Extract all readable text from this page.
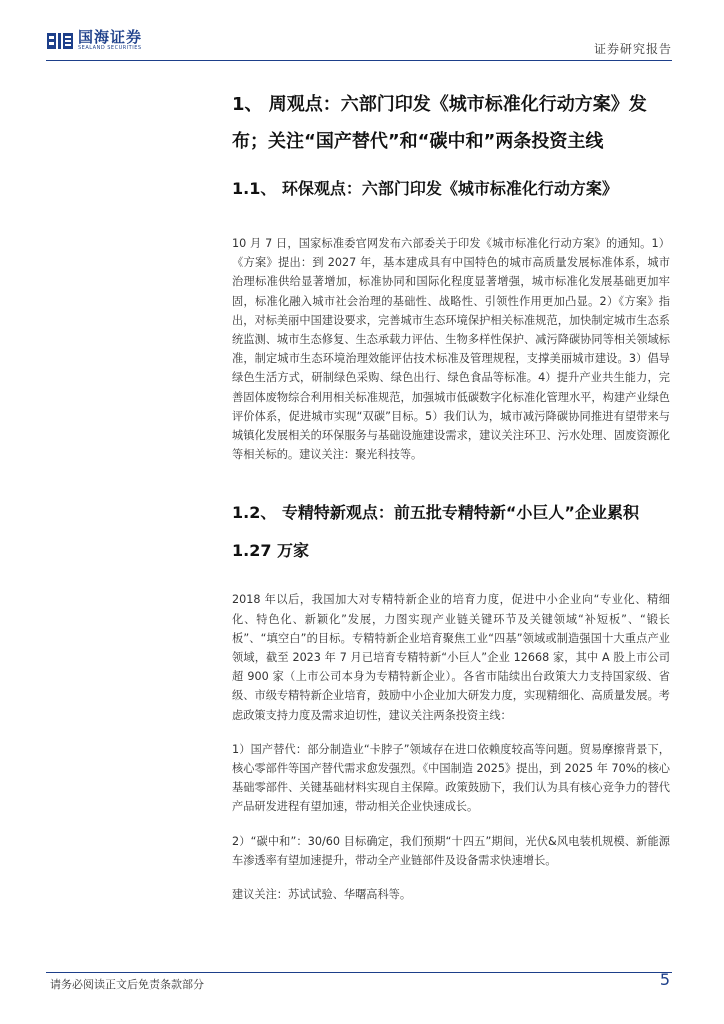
国海证券
SEALAND SECURITIES	证券研究报告
1、 周观点：六部门印发《城市标准化行动方案》发布；关注“国产替代”和“碳中和”两条投资主线
1.1、 环保观点：六部门印发《城市标准化行动方案》

10 月 7 日，国家标准委官网发布六部委关于印发《城市标准化行动方案》的通知。1）《方案》提出：到 2027 年，基本建成具有中国特色的城市高质量发展标准体系，城市治理标准供给显著增加，标准协同和国际化程度显著增强，城市标准化发展基础更加牢固，标准化融入城市社会治理的基础性、战略性、引领性作用更加凸显。2）《方案》指出，对标美丽中国建设要求，完善城市生态环境保护相关标准规范，加快制定城市生态系统监测、城市生态修复、生态承载力评估、生物多样性保护、减污降碳协同等相关领域标准，制定城市生态环境治理效能评估技术标准及管理规程，支撑美丽城市建设。3）倡导绿色生活方式，研制绿色采购、绿色出行、绿色食品等标准。4）提升产业共生能力，完善固体废物综合利用相关标准规范，加强城市低碳数字化标准化管理水平，构建产业绿色评价体系，促进城市实现“双碳”目标。5）我们认为，城市减污降碳协同推进有望带来与城镇化发展相关的环保服务与基础设施建设需求，建议关注环卫、污水处理、固废资源化等相关标的。建议关注：聚光科技等。

1.2、 专精特新观点：前五批专精特新“小巨人”企业累积 1.27 万家

2018 年以后，我国加大对专精特新企业的培育力度，促进中小企业向“专业化、精细化、特色化、新颖化”发展，力图实现产业链关键环节及关键领域“补短板”、“锻长板”、“填空白”的目标。专精特新企业培育聚焦工业“四基”领域或制造强国十大重点产业领域，截至 2023 年 7 月已培育专精特新“小巨人”企业 12668 家，其中 A 股上市公司超 900 家（上市公司本身为专精特新企业）。各省市陆续出台政策大力支持国家级、省级、市级专精特新企业培育，鼓励中小企业加大研发力度，实现精细化、高质量发展。考虑政策支持力度及需求迫切性，建议关注两条投资主线：

1）国产替代：部分制造业“卡脖子”领域存在进口依赖度较高等问题。贸易摩擦背景下，核心零部件等国产替代需求愈发强烈。《中国制造 2025》提出，到 2025 年 70%的核心基础零部件、关键基础材料实现自主保障。政策鼓励下，我们认为具有核心竞争力的替代产品研发进程有望加速，带动相关企业快速成长。

2）“碳中和”：30/60 目标确定，我们预期“十四五”期间，光伏&风电装机规模、新能源车渗透率有望加速提升，带动全产业链部件及设备需求快速增长。

建议关注：苏试试验、华曙高科等。

请务必阅读正文后免责条款部分	5
